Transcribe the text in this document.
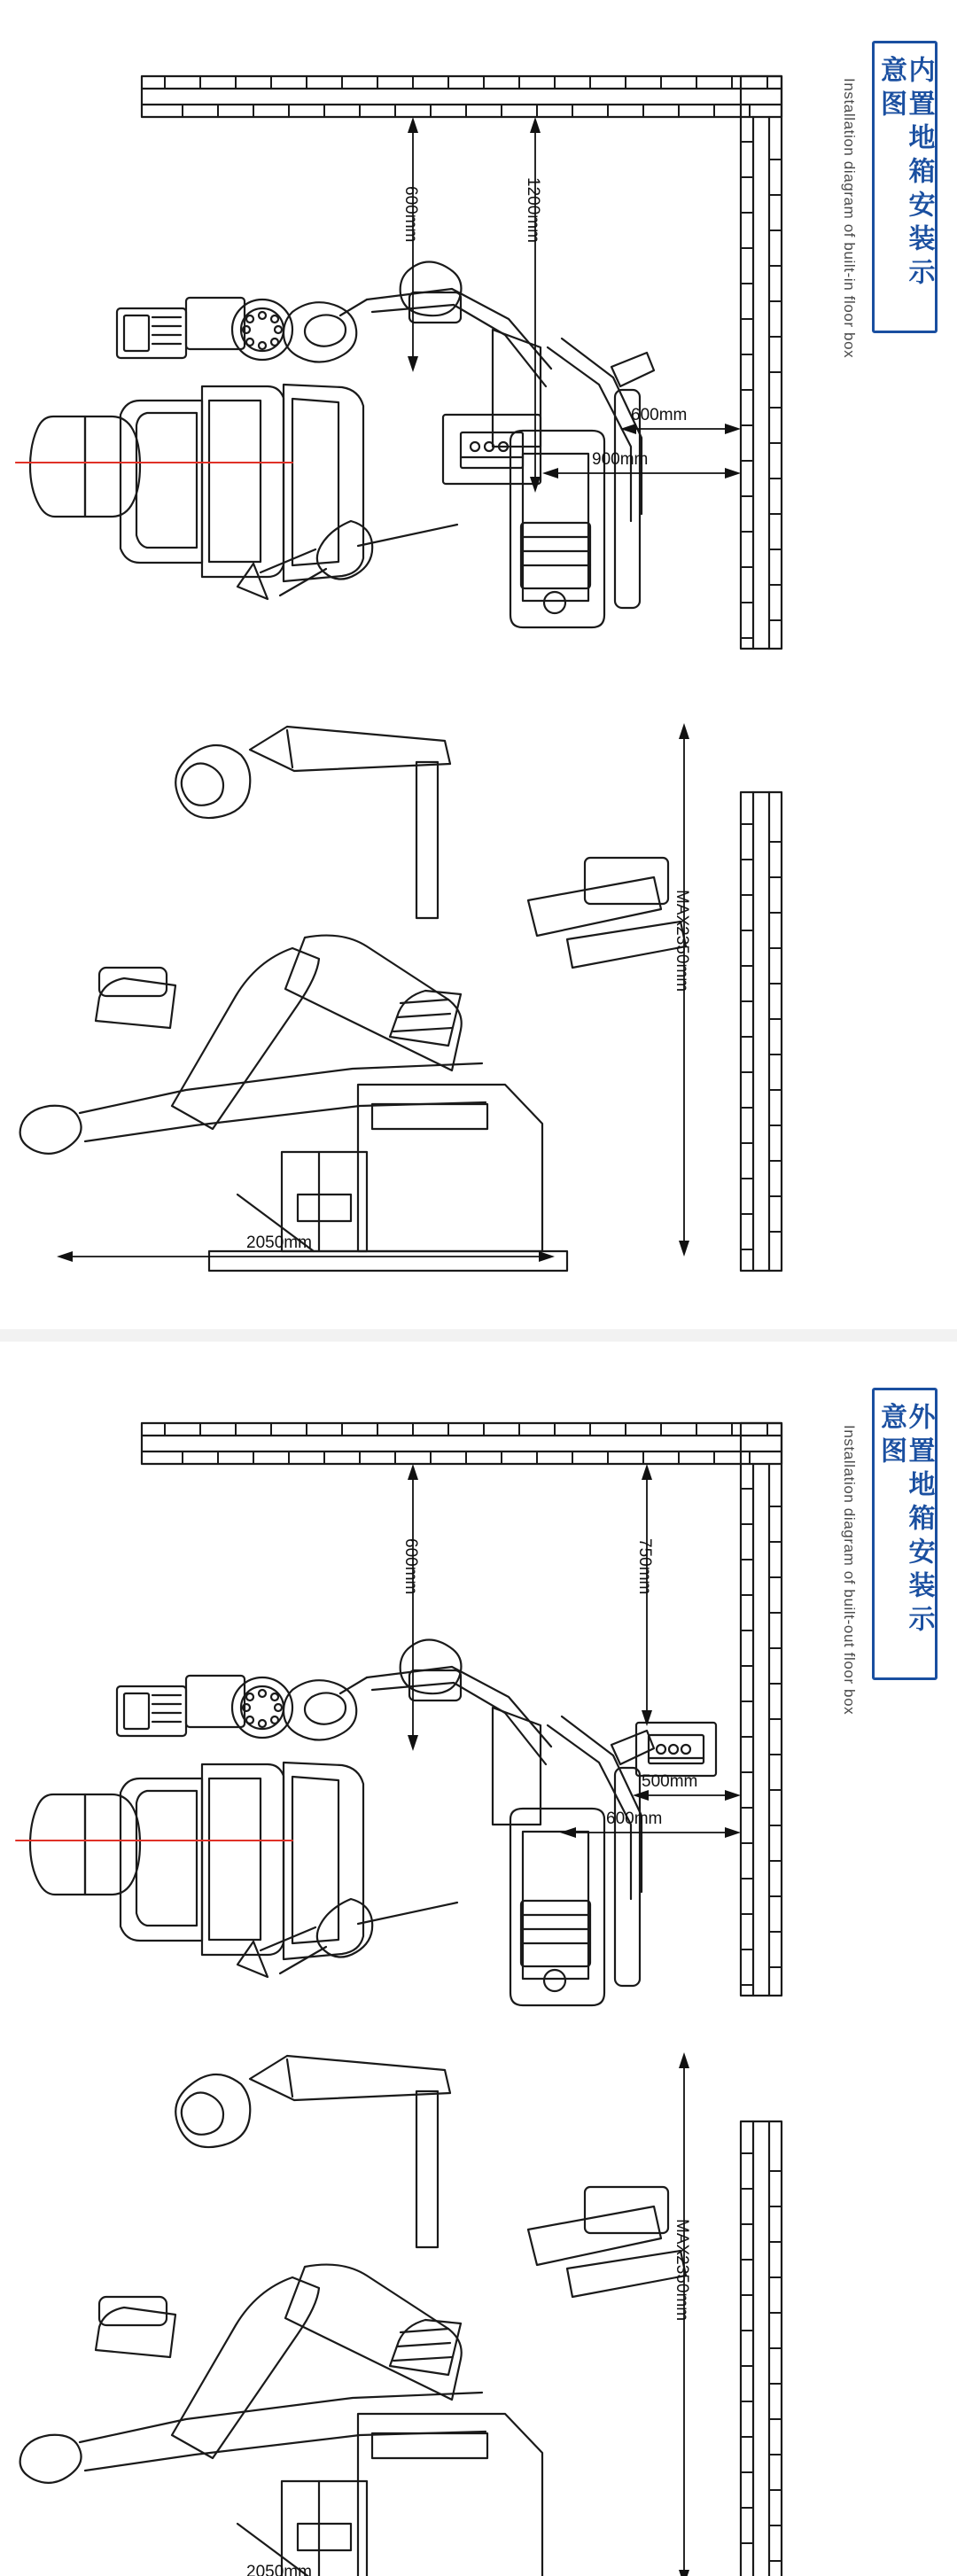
内置地箱安装示意图
Installation diagram of built-in floor box
600mm	1200mm
600mm
900mm
MAX2350mm
2050mm
外置地箱安装示意图
Installation diagram of built-out floor box
600mm	750mm
500mm
600mm
MAX2350mm
2050mm
